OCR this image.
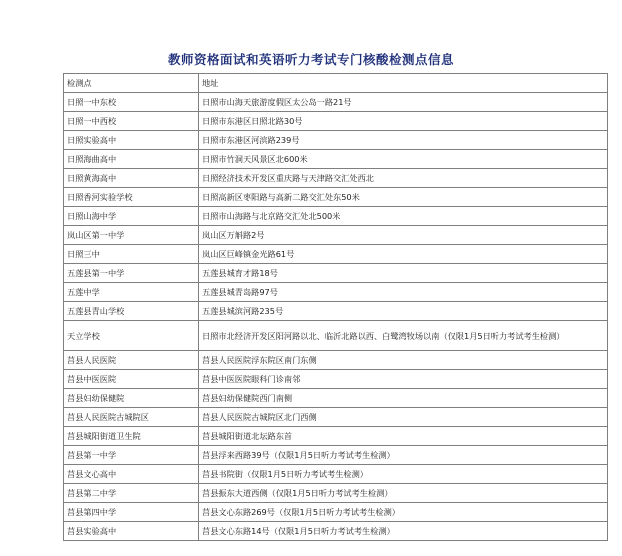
教师资格面试和英语听力考试专门核酸检测点信息
检测点	地址
日照一中东校	日照市山海天旅游度假区太公岛一路21号
日照一中西校	日照市东港区日照北路30号
日照实验高中	日照市东港区河滨路239号
日照海曲高中	日照市竹洞天风景区北600米
日照黄海高中	日照经济技术开发区重庆路与天津路交汇处西北
日照香河实验学校	日照高新区枣阳路与高新二路交汇处东50米
日照山海中学	日照市山海路与北京路交汇处北500米
岚山区第一中学	岚山区万斛路2号
日照三中	岚山区巨峰镇金光路61号
五莲县第一中学	五莲县城育才路18号
五莲中学	五莲县城青岛路97号
五莲县青山学校	五莲县城滨河路235号
天立学校	日照市北经济开发区阳河路以北、临沂北路以西、白鹭湾牧场以南（仅限1月5日听力考试考生检测）
莒县人民医院	莒县人民医院浮东院区南门东侧
莒县中医医院	莒县中医医院眼科门诊南邻
莒县妇幼保健院	莒县妇幼保健院西门南侧
莒县人民医院古城院区	莒县人民医院古城院区北门西侧
莒县城阳街道卫生院	莒县城阳街道北坛路东首
莒县第一中学	莒县浮来西路39号（仅限1月5日听力考试考生检测）
莒县文心高中	莒县书院街（仅限1月5日听力考试考生检测）
莒县第二中学	莒县振东大道西侧（仅限1月5日听力考试考生检测）
莒县第四中学	莒县文心东路269号（仅限1月5日听力考试考生检测）
莒县实验高中	莒县文心东路14号（仅限1月5日听力考试考生检测）
